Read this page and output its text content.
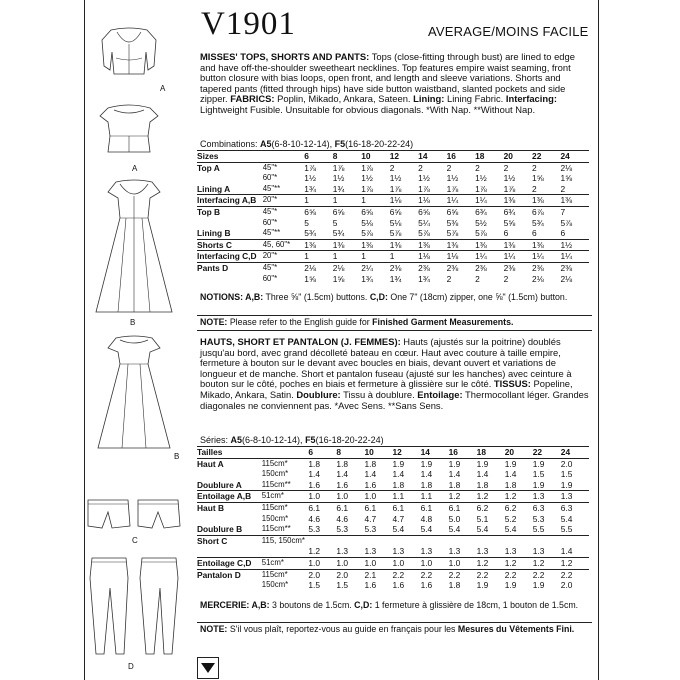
A
A
B
B
C
D
V1901	AVERAGE/MOINS FACILE
MISSES' TOPS, SHORTS AND PANTS: Tops (close-fitting through bust) are lined to edge and have off-the-shoulder sweetheart necklines. Top features empire waist seaming, front button closure with bias loops, open front, and length and sleeve variations. Shorts and tapered pants (fitted through hips) have side button waistband, slanted pockets and side zipper. FABRICS: Poplin, Mikado, Ankara, Sateen. Lining: Lining Fabric. Interfacing: Lightweight Fusible. Unsuitable for obvious diagonals. *With Nap. **Without Nap.
Combinations: A5(6-8-10-12-14), F5(16-18-20-22-24)
Sizes		6	8	10	12	14	16	18	20	22	24
Top A	45"*	1⅞	1⅞	1⅞	2	2	2	2	2	2	2⅛
	60"*	1½	1½	1½	1½	1½	1½	1½	1½	1⅝	1⅝
Lining A	45"**	1¾	1¾	1⅞	1⅞	1⅞	1⅞	1⅞	1⅞	2	2
Interfacing A,B	20"*	1	1	1	1⅛	1⅛	1¼	1¼	1⅜	1⅜	1⅜
Top B	45"*	6⅝	6⅝	6⅝	6⅝	6⅝	6⅝	6¾	6¾	6⅞	7
	60"*	5	5	5⅛	5⅛	5¼	5⅜	5½	5⅝	5¾	5⅞
Lining B	45"**	5¾	5¾	5⅞	5⅞	5⅞	5⅞	5⅞	6	6	6
Shorts C	45, 60"*	1⅜	1⅜	1⅜	1⅜	1⅜	1⅜	1⅜	1⅜	1⅜	1½
Interfacing C,D	20"*	1	1	1	1	1⅛	1⅛	1¼	1¼	1¼	1¼
Pants D	45"*	2⅛	2⅛	2¼	2⅜	2⅜	2⅜	2⅜	2⅜	2⅜	2⅜
	60"*	1⅝	1⅝	1¾	1¾	1¾	2	2	2	2⅛	2⅛
NOTIONS: A,B: Three ⅝" (1.5cm) buttons. C,D: One 7" (18cm) zipper, one ⅝" (1.5cm) button.
NOTE: Please refer to the English guide for Finished Garment Measurements.
HAUTS, SHORT ET PANTALON (J. FEMMES): Hauts (ajustés sur la poitrine) doublés jusqu'au bord, avec grand décolleté bateau en cœur. Haut avec couture à taille empire, fermeture à bouton sur le devant avec boucles en biais, devant ouvert et variations de longueur et de manche. Short et pantalon fuseau (ajusté sur les hanches) avec ceinture à bouton sur le côté, poches en biais et fermeture à glissière sur le côté. TISSUS: Popeline, Mikado, Ankara, Satin. Doublure: Tissu à doublure. Entoilage: Thermocollant léger. Grandes diagonales ne conviennent pas. *Avec Sens. **Sans Sens.
Séries: A5(6-8-10-12-14), F5(16-18-20-22-24)
Tailles		6	8	10	12	14	16	18	20	22	24
Haut A	115cm*	1.8	1.8	1.8	1.9	1.9	1.9	1.9	1.9	1.9	2.0
	150cm*	1.4	1.4	1.4	1.4	1.4	1.4	1.4	1.4	1.5	1.5
Doublure A	115cm**	1.6	1.6	1.6	1.8	1.8	1.8	1.8	1.8	1.9	1.9
Entoilage A,B	51cm*	1.0	1.0	1.0	1.1	1.1	1.2	1.2	1.2	1.3	1.3
Haut B	115cm*	6.1	6.1	6.1	6.1	6.1	6.1	6.2	6.2	6.3	6.3
	150cm*	4.6	4.6	4.7	4.7	4.8	5.0	5.1	5.2	5.3	5.4
Doublure B	115cm**	5.3	5.3	5.3	5.4	5.4	5.4	5.4	5.4	5.5	5.5
Short C	115, 150cm*										
		1.2	1.3	1.3	1.3	1.3	1.3	1.3	1.3	1.3	1.4
Entoilage C,D	51cm*	1.0	1.0	1.0	1.0	1.0	1.0	1.2	1.2	1.2	1.2
Pantalon D	115cm*	2.0	2.0	2.1	2.2	2.2	2.2	2.2	2.2	2.2	2.2
	150cm*	1.5	1.5	1.6	1.6	1.6	1.8	1.9	1.9	1.9	2.0
MERCERIE: A,B: 3 boutons de 1.5cm. C,D: 1 fermeture à glissière de 18cm, 1 bouton de 1.5cm.
NOTE: S'il vous plaît, reportez-vous au guide en français pour les Mesures du Vêtements Fini.
